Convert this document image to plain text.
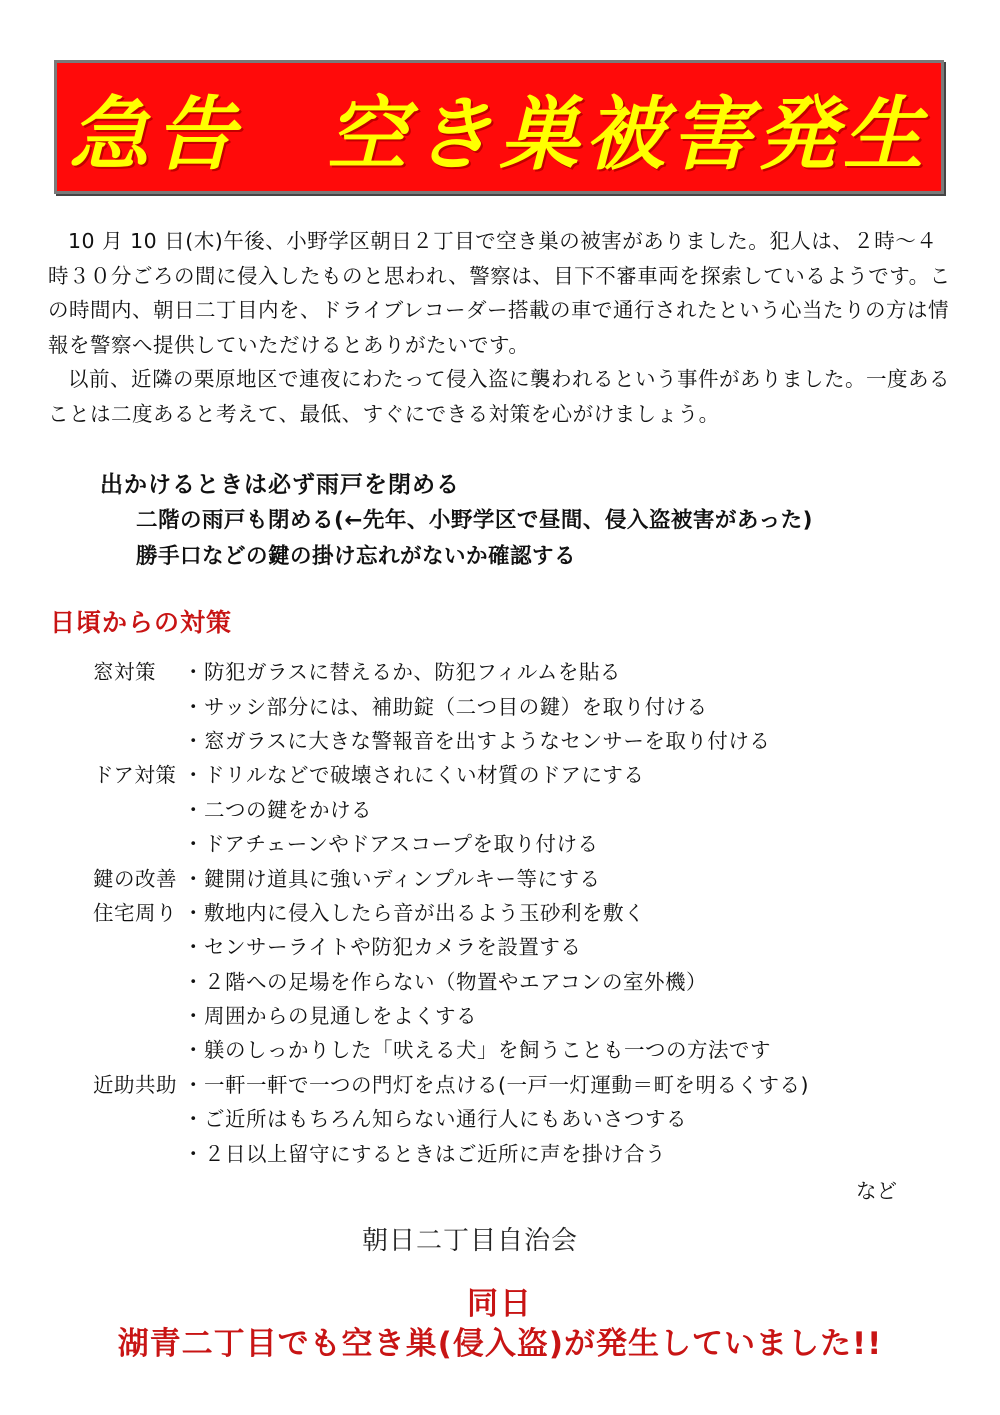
急告　空き巣被害発生

10 月 10 日(木)午後、小野学区朝日２丁目で空き巣の被害がありました。犯人は、２時～４時３０分ごろの間に侵入したものと思われ、警察は、目下不審車両を探索しているようです。この時間内、朝日二丁目内を、ドライブレコーダー搭載の車で通行されたという心当たりの方は情報を警察へ提供していただけるとありがたいです。

以前、近隣の栗原地区で連夜にわたって侵入盗に襲われるという事件がありました。一度あることは二度あると考えて、最低、すぐにできる対策を心がけましょう。

出かけるときは必ず雨戸を閉める
二階の雨戸も閉める(←先年、小野学区で昼間、侵入盗被害があった)
勝手口などの鍵の掛け忘れがないか確認する
日頃からの対策
窓対策	・防犯ガラスに替えるか、防犯フィルムを貼る
・サッシ部分には、補助錠（二つ目の鍵）を取り付ける
・窓ガラスに大きな警報音を出すようなセンサーを取り付ける
ドア対策 ・ドリルなどで破壊されにくい材質のドアにする
・二つの鍵をかける
・ドアチェーンやドアスコープを取り付ける
鍵の改善 ・鍵開け道具に強いディンプルキー等にする
住宅周り ・敷地内に侵入したら音が出るよう玉砂利を敷く
・センサーライトや防犯カメラを設置する
・２階への足場を作らない（物置やエアコンの室外機）
・周囲からの見通しをよくする
・躾のしっかりした「吠える犬」を飼うことも一つの方法です
近助共助 ・一軒一軒で一つの門灯を点ける(一戸一灯運動＝町を明るくする)
・ご近所はもちろん知らない通行人にもあいさつする
・２日以上留守にするときはご近所に声を掛け合う
など
朝日二丁目自治会
同日
湖青二丁目でも空き巣(侵入盗)が発生していました!!
